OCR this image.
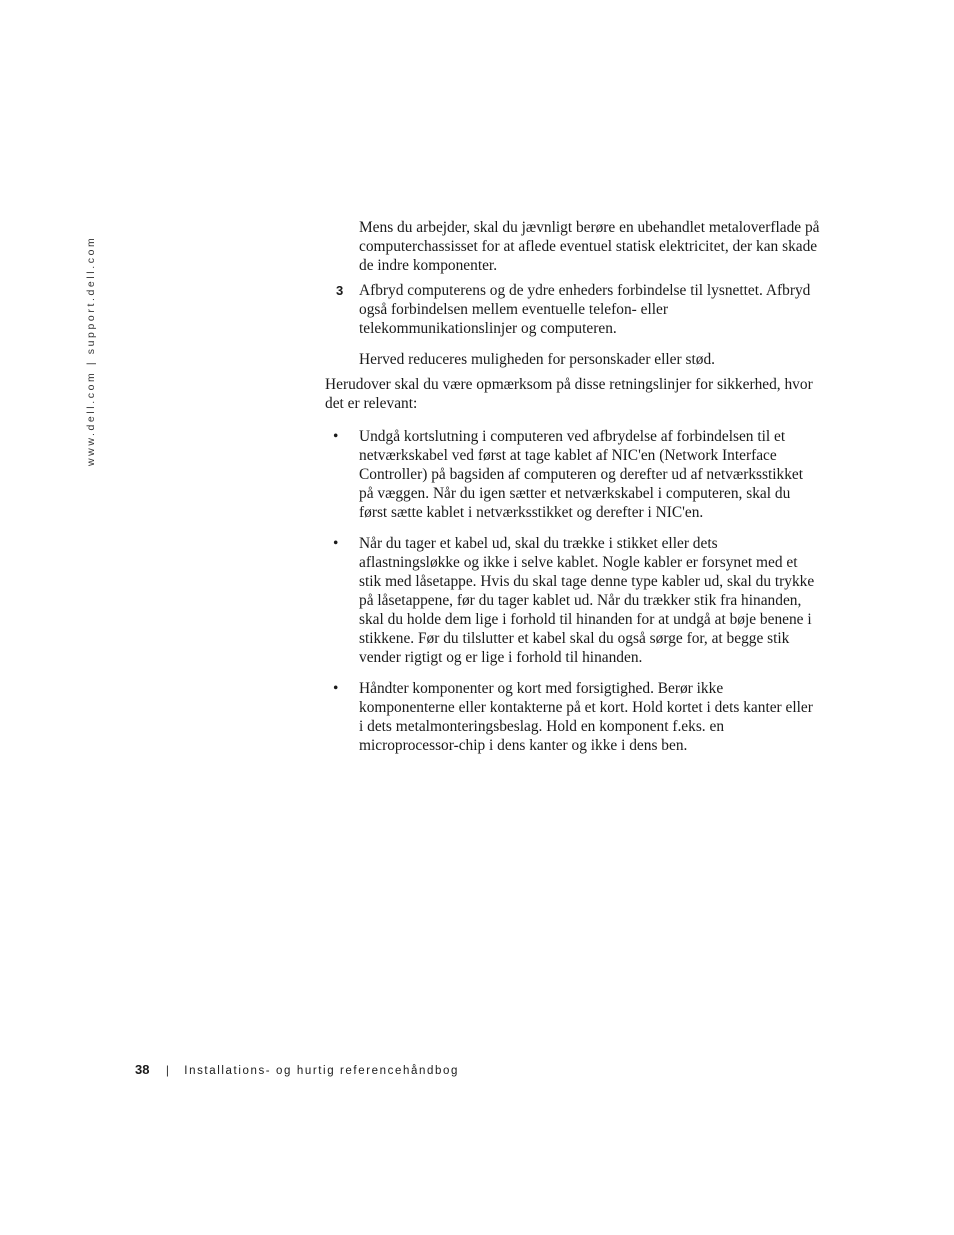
www.dell.com | support.dell.com

Mens du arbejder, skal du jævnligt berøre en ubehandlet metaloverflade på computerchassisset for at aflede eventuel statisk elektricitet, der kan skade de indre komponenter.

3 Afbryd computerens og de ydre enheders forbindelse til lysnettet. Afbryd også forbindelsen mellem eventuelle telefon- eller telekommunikationslinjer og computeren.

Herved reduceres muligheden for personskader eller stød.

Herudover skal du være opmærksom på disse retningslinjer for sikkerhed, hvor det er relevant:

• Undgå kortslutning i computeren ved afbrydelse af forbindelsen til et netværkskabel ved først at tage kablet af NIC'en (Network Interface Controller) på bagsiden af computeren og derefter ud af netværksstikket på væggen. Når du igen sætter et netværkskabel i computeren, skal du først sætte kablet i netværksstikket og derefter i NIC'en.

• Når du tager et kabel ud, skal du trække i stikket eller dets aflastningsløkke og ikke i selve kablet. Nogle kabler er forsynet med et stik med låsetappe. Hvis du skal tage denne type kabler ud, skal du trykke på låsetappene, før du tager kablet ud. Når du trækker stik fra hinanden, skal du holde dem lige i forhold til hinanden for at undgå at bøje benene i stikkene. Før du tilslutter et kabel skal du også sørge for, at begge stik vender rigtigt og er lige i forhold til hinanden.

• Håndter komponenter og kort med forsigtighed. Berør ikke komponenterne eller kontakterne på et kort. Hold kortet i dets kanter eller i dets metalmonteringsbeslag. Hold en komponent f.eks. en microprocessor-chip i dens kanter og ikke i dens ben.

38 | Installations- og hurtig referencehåndbog
